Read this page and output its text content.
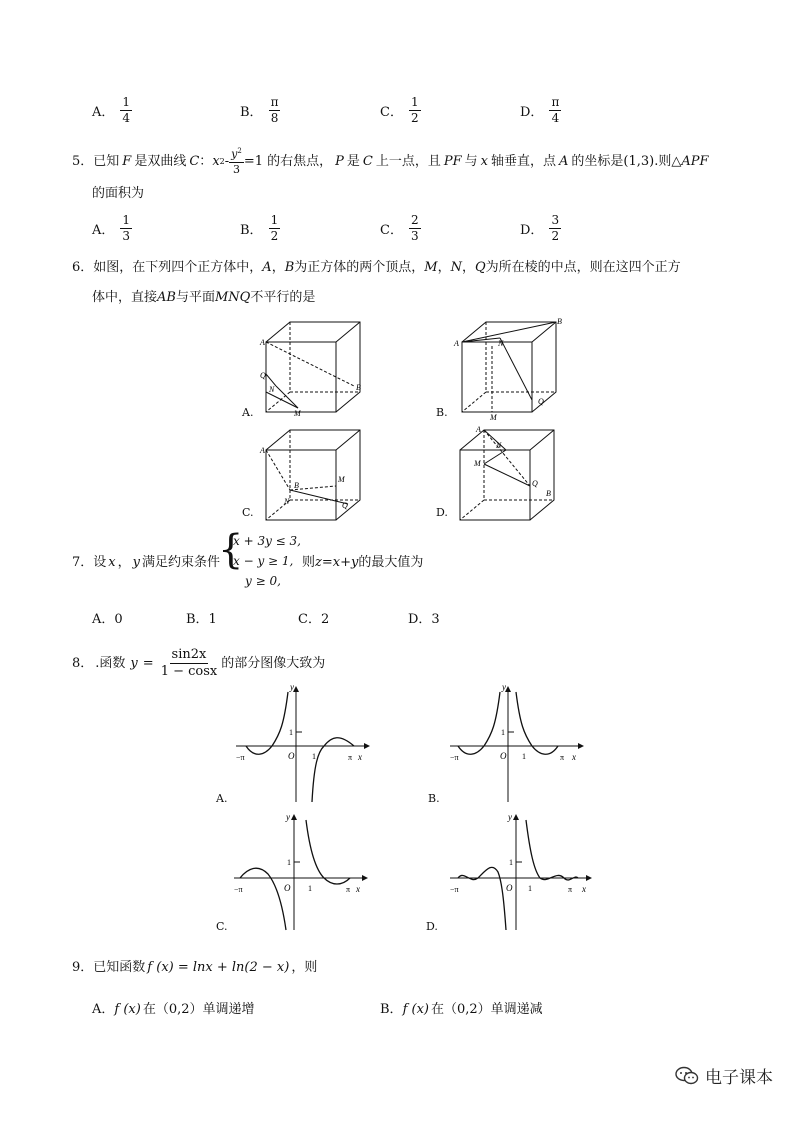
A． $\frac{1}{4}$	B． $\frac{\pi}{8}$	C． $\frac{1}{2}$	D． $\frac{\pi}{4}$
5． 已知 F 是双曲线 C ： x $2 - \frac{y^2}{3} =1$ 的右焦点， P 是 C 上一点，且 PF 与 x 轴垂直，点 A 的坐标是(1,3).则△ APF
的面积为
A． $\frac{1}{3}$	B． $\frac{1}{2}$	C． $\frac{2}{3}$	D． $\frac{3}{2}$
6．如图，在下列四个正方体中，A，B为正方体的两个顶点，M，N，Q为所在棱的中点，则在这四个正方
体中，直接AB与平面MNQ不平行的是
A
B
Q
N
M
A.
A
B
N
M
Q
B.
A
B
N
M
Q
C.
A
N
M
Q
B
D.
7． 设 x ， y 满足约束条件
{
x + 3y ≤ 3,
x − y ≥ 1,
y ≥ 0,
则z=x+y的最大值为
A．0	B．1	C．2	D．3
8． .函数 $y = \frac{\sin 2x}{1 - \cos x}$ 的部分图像大致为
y
x
O
1
1	π
−π
A.
y
x
O
1
1	π
−π
B.
y
x
O
1
1	π
−π
C.
y
x
O
1
1	π
−π
D.
9．已知函数 f (x) = lnx + ln(2 − x) ，则
A．f (x) 在（0,2）单调递增	B．f (x) 在（0,2）单调递减
电子课本
